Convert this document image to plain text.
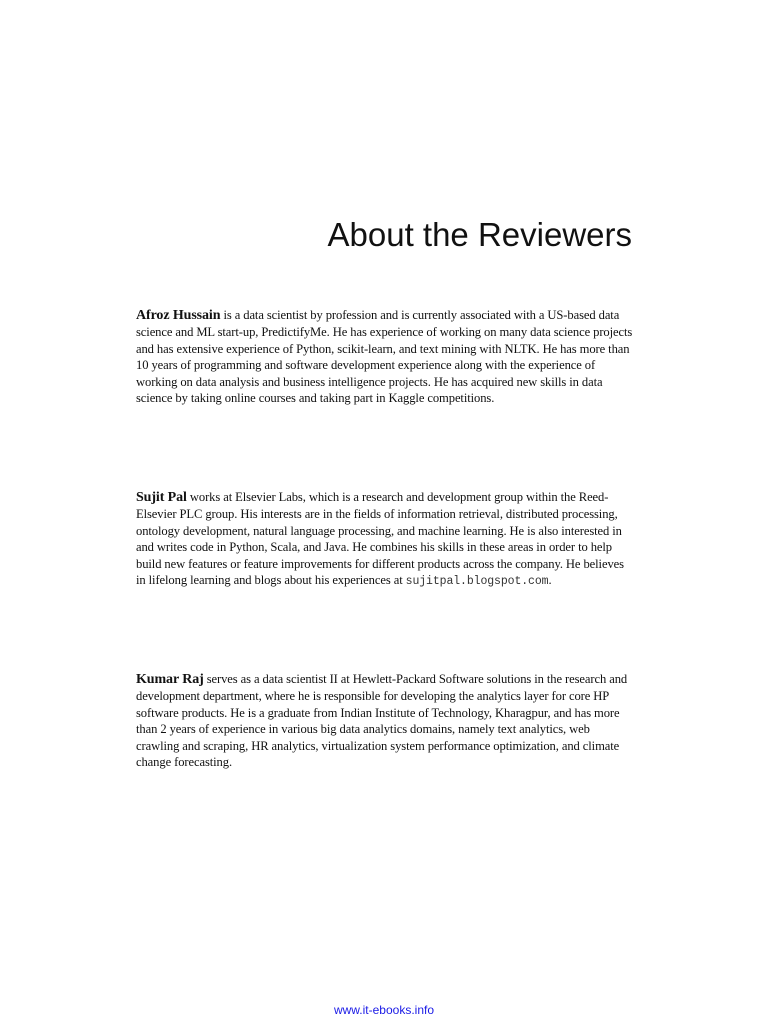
About the Reviewers

Afroz Hussain is a data scientist by profession and is currently associated with a US-based data science and ML start-up, PredictifyMe. He has experience of working on many data science projects and has extensive experience of Python, scikit-learn, and text mining with NLTK. He has more than 10 years of programming and software development experience along with the experience of working on data analysis and business intelligence projects. He has acquired new skills in data science by taking online courses and taking part in Kaggle competitions.

Sujit Pal works at Elsevier Labs, which is a research and development group within the Reed-Elsevier PLC group. His interests are in the fields of information retrieval, distributed processing, ontology development, natural language processing, and machine learning. He is also interested in and writes code in Python, Scala, and Java. He combines his skills in these areas in order to help build new features or feature improvements for different products across the company. He believes in lifelong learning and blogs about his experiences at sujitpal.blogspot.com.

Kumar Raj serves as a data scientist II at Hewlett-Packard Software solutions in the research and development department, where he is responsible for developing the analytics layer for core HP software products. He is a graduate from Indian Institute of Technology, Kharagpur, and has more than 2 years of experience in various big data analytics domains, namely text analytics, web crawling and scraping, HR analytics, virtualization system performance optimization, and climate change forecasting.

www.it-ebooks.info
